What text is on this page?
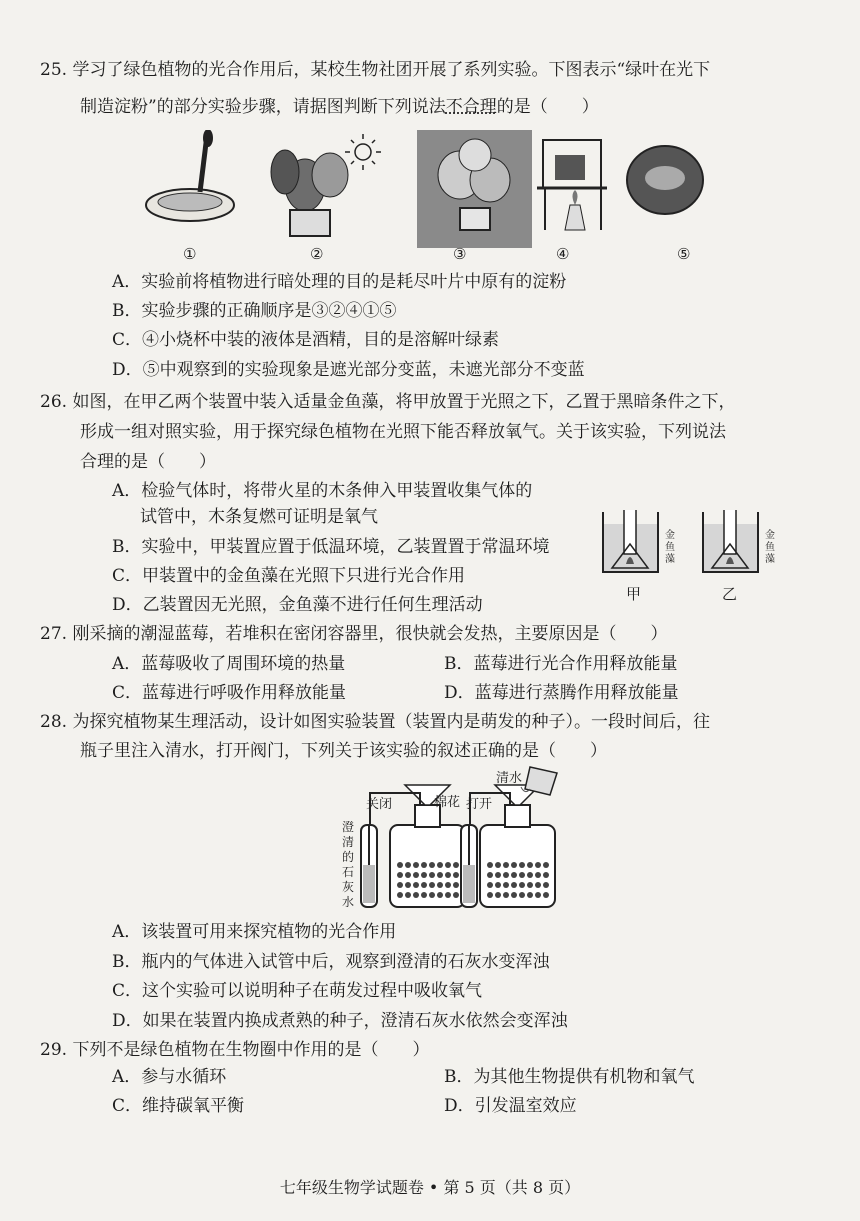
25. 学习了绿色植物的光合作用后，某校生物社团开展了系列实验。下图表示“绿叶在光下
制造淀粉”的部分实验步骤，请据图判断下列说法不合理的是（　　）
①	②	③	④	⑤
A．实验前将植物进行暗处理的目的是耗尽叶片中原有的淀粉
B．实验步骤的正确顺序是③②④①⑤
C．④小烧杯中装的液体是酒精，目的是溶解叶绿素
D．⑤中观察到的实验现象是遮光部分变蓝，未遮光部分不变蓝
26. 如图，在甲乙两个装置中装入适量金鱼藻，将甲放置于光照之下，乙置于黑暗条件之下，
形成一组对照实验，用于探究绿色植物在光照下能否释放氧气。关于该实验，下列说法
合理的是（　　）
A．检验气体时，将带火星的木条伸入甲装置收集气体的
试管中，木条复燃可证明是氧气
B．实验中，甲装置应置于低温环境，乙装置置于常温环境
C．甲装置中的金鱼藻在光照下只进行光合作用
D．乙装置因无光照，金鱼藻不进行任何生理活动
金鱼藻
金鱼藻
甲	乙
27. 刚采摘的潮湿蓝莓，若堆积在密闭容器里，很快就会发热，主要原因是（　　）
A．蓝莓吸收了周围环境的热量	B．蓝莓进行光合作用释放能量
C．蓝莓进行呼吸作用释放能量	D．蓝莓进行蒸腾作用释放能量
28. 为探究植物某生理活动，设计如图实验装置（装置内是萌发的种子）。一段时间后，往
瓶子里注入清水，打开阀门，下列关于该实验的叙述正确的是（　　）
清水
关闭	棉花 打开
澄
清
的
石
灰
水
A．该装置可用来探究植物的光合作用
B．瓶内的气体进入试管中后，观察到澄清的石灰水变浑浊
C．这个实验可以说明种子在萌发过程中吸收氧气
D．如果在装置内换成煮熟的种子，澄清石灰水依然会变浑浊
29. 下列不是绿色植物在生物圈中作用的是（　　）
A．参与水循环	B．为其他生物提供有机物和氧气
C．维持碳氧平衡	D．引发温室效应
七年级生物学试题卷 • 第 5 页（共 8 页）
